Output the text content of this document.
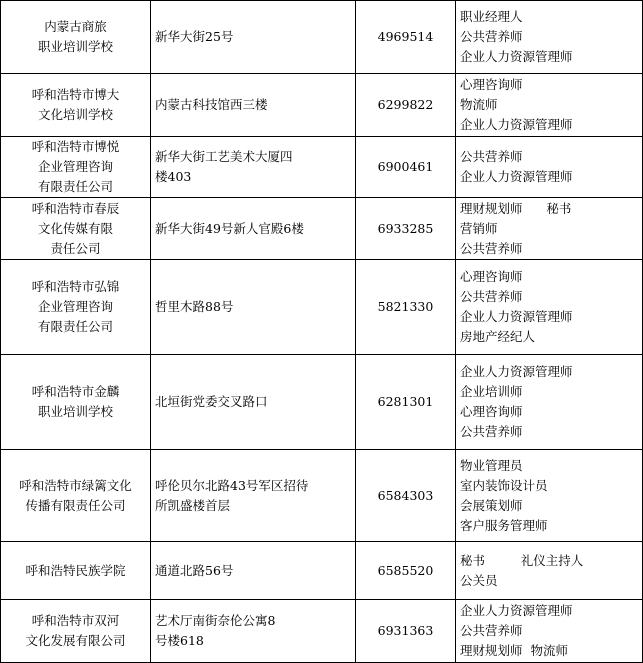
内蒙古商旅
职业培训学校	新华大街25号	4969514	职业经理人
公共营养师
企业人力资源管理师

呼和浩特市博大
文化培训学校	内蒙古科技馆西三楼	6299822	心理咨询师
物流师
企业人力资源管理师

呼和浩特市博悦
企业管理咨询
有限责任公司	新华大街工艺美术大厦四
楼403	6900461	公共营养师
企业人力资源管理师

呼和浩特市春辰
文化传媒有限
责任公司	新华大街49号新人官殿6楼	6933285	理财规划师      秘书
营销师
公共营养师

呼和浩特市弘锦
企业管理咨询
有限责任公司	哲里木路88号	5821330	心理咨询师
公共营养师
企业人力资源管理师
房地产经纪人

呼和浩特市金麟
职业培训学校	北垣街党委交叉路口	6281301	企业人力资源管理师
企业培训师
心理咨询师
公共营养师

呼和浩特市绿篱文化
传播有限责任公司	呼伦贝尔北路43号军区招待
所凯盛楼首层	6584303	物业管理员
室内装饰设计员
会展策划师
客户服务管理师

呼和浩特民族学院	通道北路56号	6585520	秘书         礼仪主持人
公关员

呼和浩特市双河
文化发展有限公司	艺术厅南街奈伦公寓8
号楼618	6931363	企业人力资源管理师
公共营养师
理财规划师  物流师
